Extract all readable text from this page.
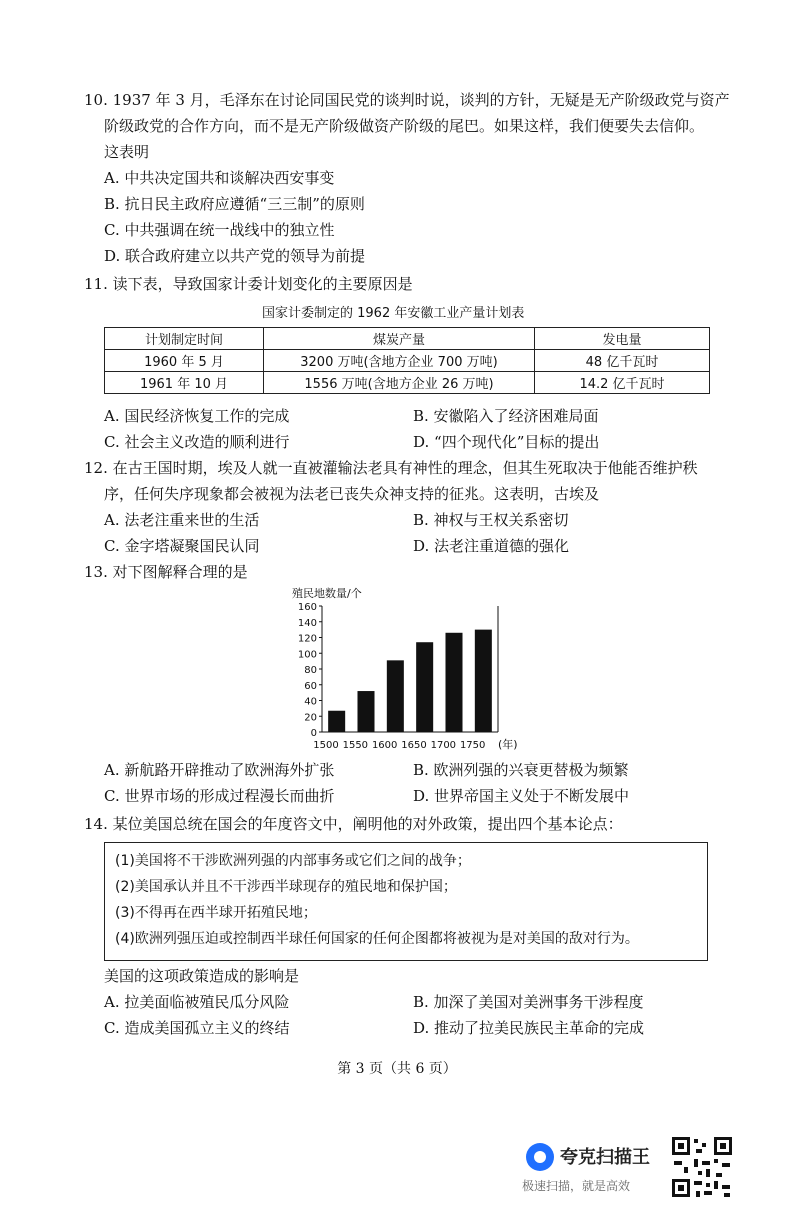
10. 1937 年 3 月，毛泽东在讨论同国民党的谈判时说，谈判的方针，无疑是无产阶级政党与资产
阶级政党的合作方向，而不是无产阶级做资产阶级的尾巴。如果这样，我们便要失去信仰。
这表明
A. 中共决定国共和谈解决西安事变
B. 抗日民主政府应遵循“三三制”的原则
C. 中共强调在统一战线中的独立性
D. 联合政府建立以共产党的领导为前提
11. 读下表，导致国家计委计划变化的主要原因是
国家计委制定的 1962 年安徽工业产量计划表
计划制定时间	煤炭产量	发电量
1960 年 5 月	3200 万吨(含地方企业 700 万吨)	48 亿千瓦时
1961 年 10 月	1556 万吨(含地方企业 26 万吨)	14.2 亿千瓦时
A. 国民经济恢复工作的完成	B. 安徽陷入了经济困难局面
C. 社会主义改造的顺利进行	D. “四个现代化”目标的提出
12. 在古王国时期，埃及人就一直被灌输法老具有神性的理念，但其生死取决于他能否维护秩
序，任何失序现象都会被视为法老已丧失众神支持的征兆。这表明，古埃及
A. 法老注重来世的生活	B. 神权与王权关系密切
C. 金字塔凝聚国民认同	D. 法老注重道德的强化
13. 对下图解释合理的是
殖民地数量/个
0
20
40
60
80
100
120
140
160
1500 1550 1600 1650 1700 1750 (年)
A. 新航路开辟推动了欧洲海外扩张	B. 欧洲列强的兴衰更替极为频繁
C. 世界市场的形成过程漫长而曲折	D. 世界帝国主义处于不断发展中
14. 某位美国总统在国会的年度咨文中，阐明他的对外政策，提出四个基本论点：
(1)美国将不干涉欧洲列强的内部事务或它们之间的战争；
(2)美国承认并且不干涉西半球现存的殖民地和保护国；
(3)不得再在西半球开拓殖民地；
(4)欧洲列强压迫或控制西半球任何国家的任何企图都将被视为是对美国的敌对行为。
美国的这项政策造成的影响是
A. 拉美面临被殖民瓜分风险	B. 加深了美国对美洲事务干涉程度
C. 造成美国孤立主义的终结	D. 推动了拉美民族民主革命的完成
第 3 页（共 6 页）
夸克扫描王
极速扫描，就是高效
